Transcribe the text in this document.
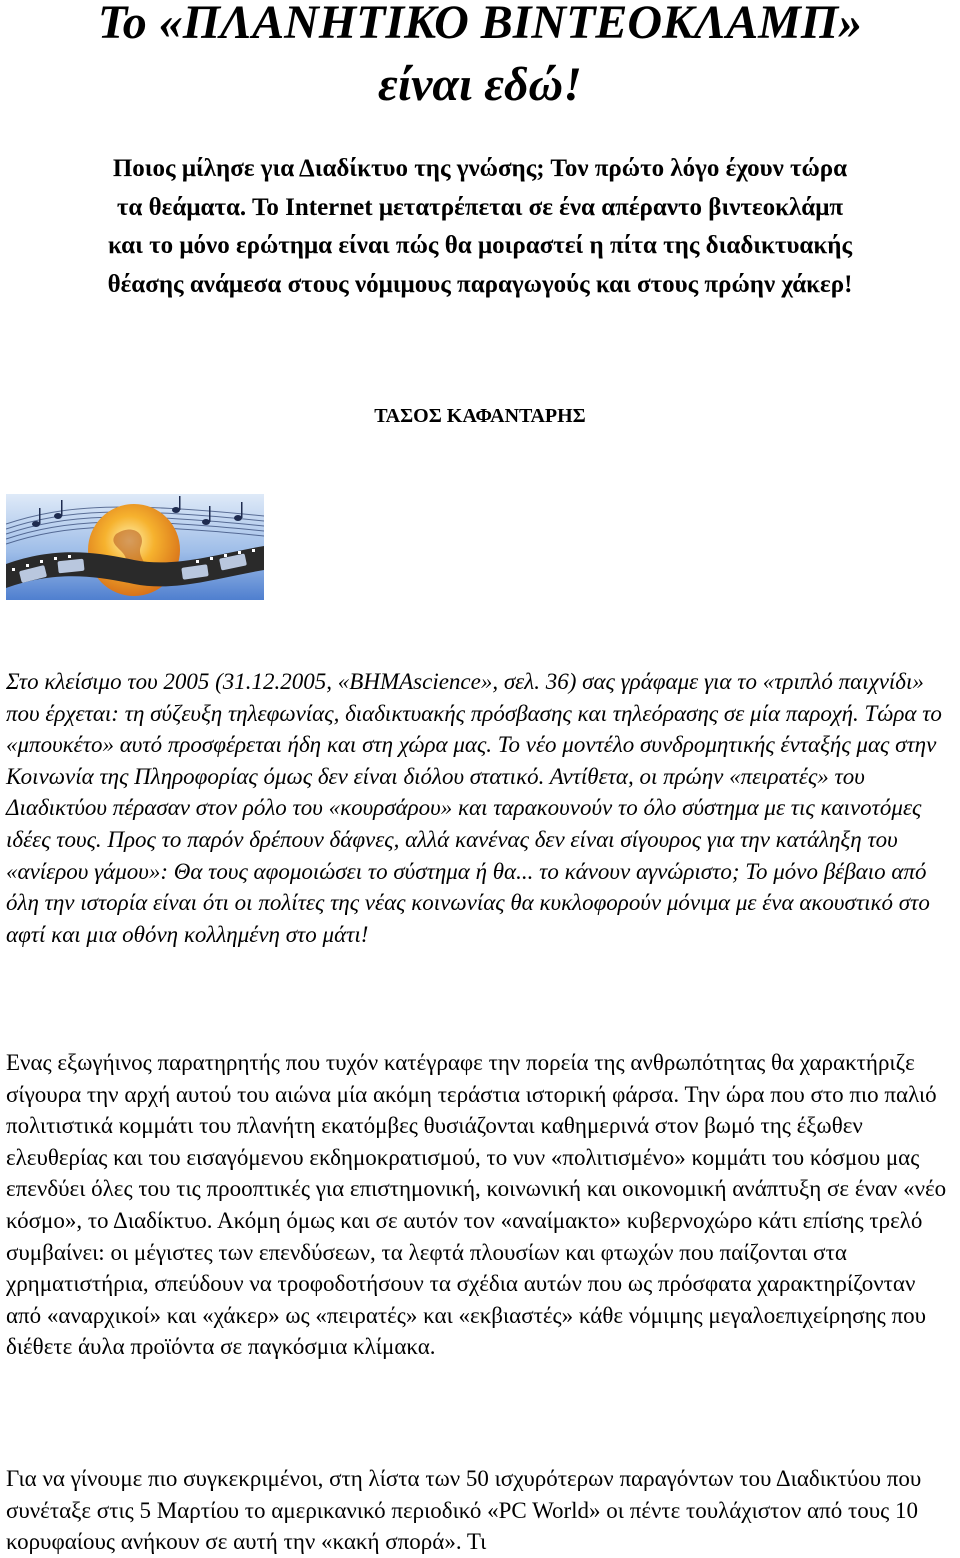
Το «ΠΛΑΝΗΤΙΚΟ ΒΙΝΤΕΟΚΛΑΜΠ»
είναι εδώ!

Ποιος μίλησε για Διαδίκτυο της γνώσης; Τον πρώτο λόγο έχουν τώρα
τα θεάματα. Το Internet μετατρέπεται σε ένα απέραντο βιντεοκλάμπ
και το μόνο ερώτημα είναι πώς θα μοιραστεί η πίτα της διαδικτυακής
θέασης ανάμεσα στους νόμιμους παραγωγούς και στους πρώην χάκερ!

ΤΑΣΟΣ ΚΑΦΑΝΤΑΡΗΣ

Στο κλείσιμο του 2005 (31.12.2005, «ΒΗΜΑscience», σελ. 36) σας γράφαμε για το «τριπλό παιχνίδι» που έρχεται: τη σύζευξη τηλεφωνίας, διαδικτυακής πρόσβασης και τηλεόρασης σε μία παροχή. Τώρα το «μπουκέτο» αυτό προσφέρεται ήδη και στη χώρα μας. Το νέο μοντέλο συνδρομητικής ένταξής μας στην Κοινωνία της Πληροφορίας όμως δεν είναι διόλου στατικό. Αντίθετα, οι πρώην «πειρατές» του Διαδικτύου πέρασαν στον ρόλο του «κουρσάρου» και ταρακουνούν το όλο σύστημα με τις καινοτόμες ιδέες τους. Προς το παρόν δρέπουν δάφνες, αλλά κανένας δεν είναι σίγουρος για την κατάληξη του «ανίερου γάμου»: Θα τους αφομοιώσει το σύστημα ή θα... το κάνουν αγνώριστο; Το μόνο βέβαιο από όλη την ιστορία είναι ότι οι πολίτες της νέας κοινωνίας θα κυκλοφορούν μόνιμα με ένα ακουστικό στο αφτί και μια οθόνη κολλημένη στο μάτι!

Ενας εξωγήινος παρατηρητής που τυχόν κατέγραφε την πορεία της ανθρωπότητας θα χαρακτήριζε σίγουρα την αρχή αυτού του αιώνα μία ακόμη τεράστια ιστορική φάρσα. Την ώρα που στο πιο παλιό πολιτιστικά κομμάτι του πλανήτη εκατόμβες θυσιάζονται καθημερινά στον βωμό της έξωθεν ελευθερίας και του εισαγόμενου εκδημοκρατισμού, το νυν «πολιτισμένο» κομμάτι του κόσμου μας επενδύει όλες του τις προοπτικές για επιστημονική, κοινωνική και οικονομική ανάπτυξη σε έναν «νέο κόσμο», το Διαδίκτυο. Ακόμη όμως και σε αυτόν τον «αναίμακτο» κυβερνοχώρο κάτι επίσης τρελό συμβαίνει: οι μέγιστες των επενδύσεων, τα λεφτά πλουσίων και φτωχών που παίζονται στα χρηματιστήρια, σπεύδουν να τροφοδοτήσουν τα σχέδια αυτών που ως πρόσφατα χαρακτηρίζονταν από «αναρχικοί» και «χάκερ» ως «πειρατές» και «εκβιαστές» κάθε νόμιμης μεγαλοεπιχείρησης που διέθετε άυλα προϊόντα σε παγκόσμια κλίμακα.

Για να γίνουμε πιο συγκεκριμένοι, στη λίστα των 50 ισχυρότερων παραγόντων του Διαδικτύου που συνέταξε στις 5 Μαρτίου το αμερικανικό περιοδικό «PC World» οι πέντε τουλάχιστον από τους 10 κορυφαίους ανήκουν σε αυτή την «κακή σπορά». Τι
